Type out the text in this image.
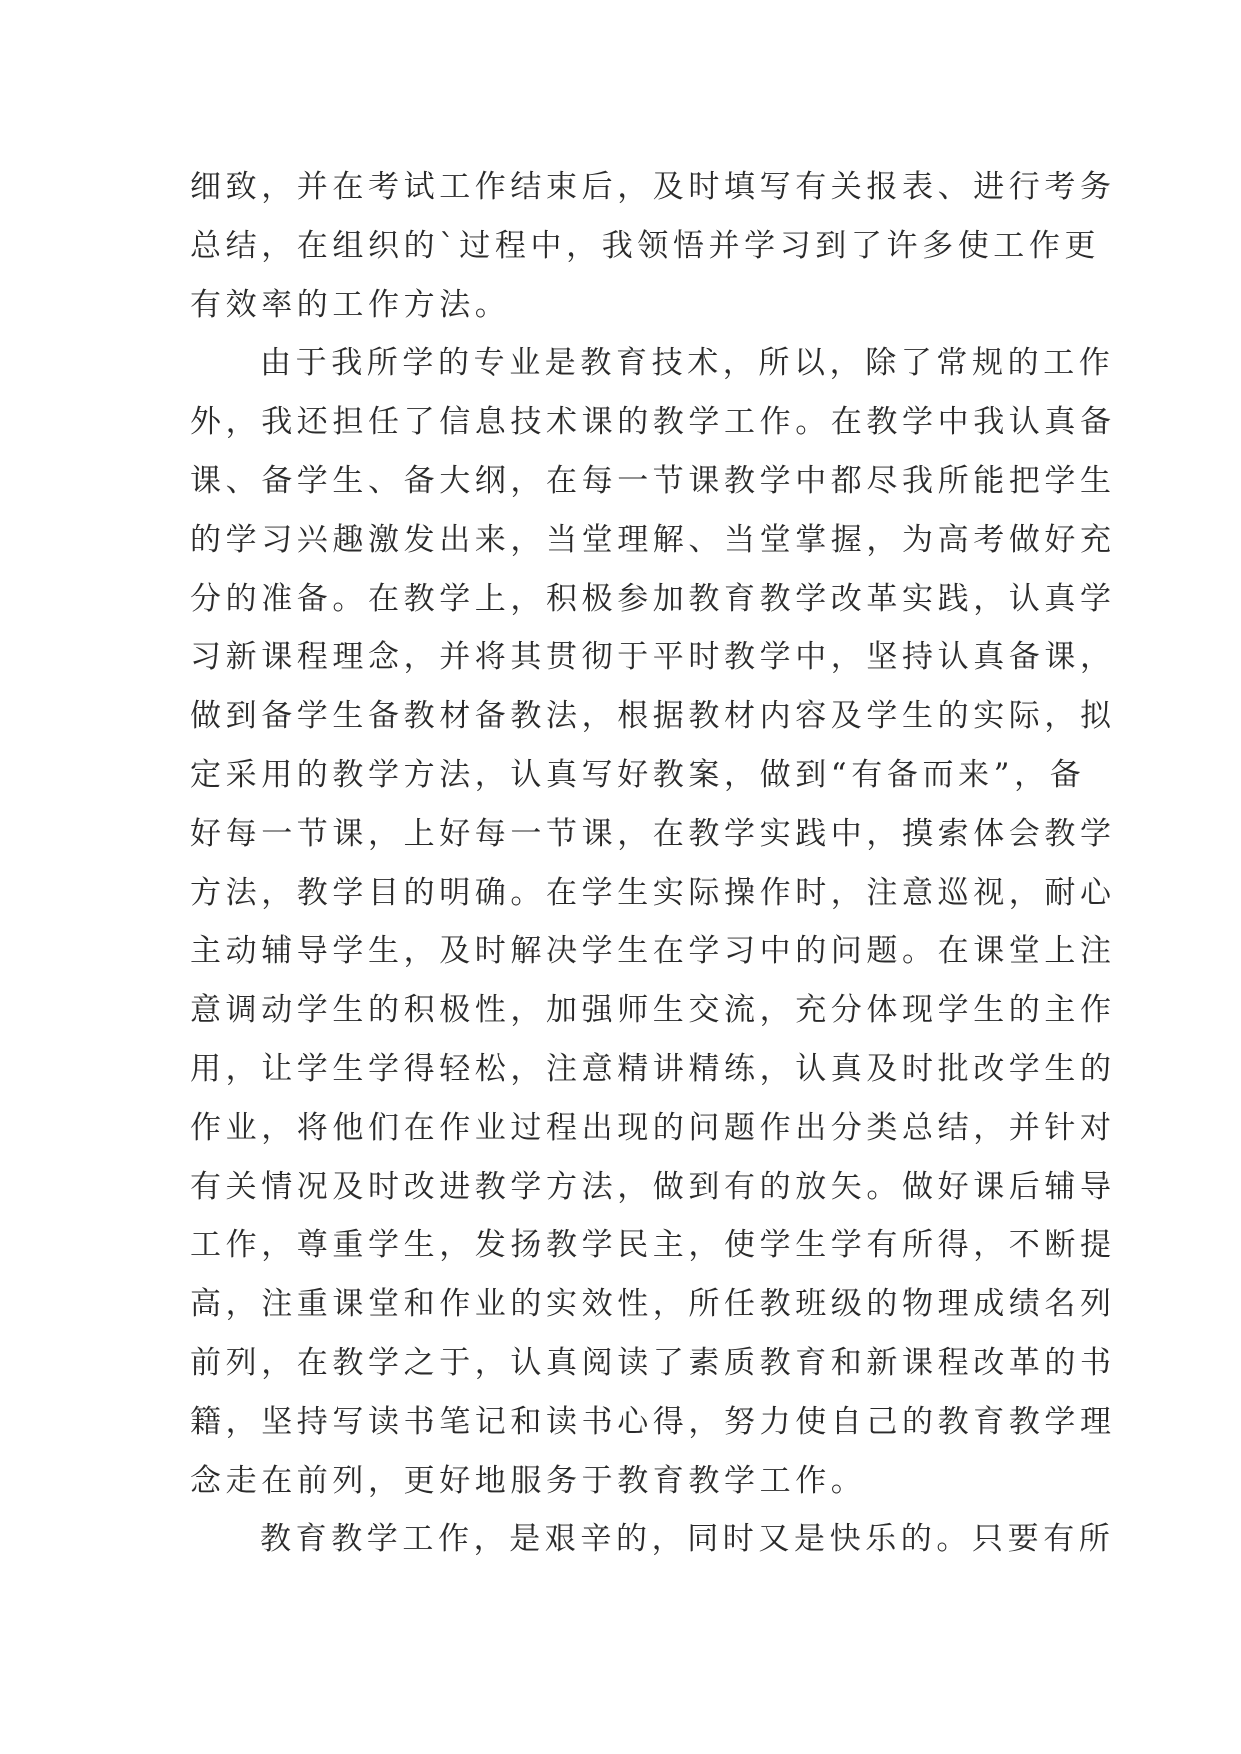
细致，并在考试工作结束后，及时填写有关报表、进行考务
总结，在组织的`过程中，我领悟并学习到了许多使工作更
有效率的工作方法。
由于我所学的专业是教育技术，所以，除了常规的工作
外，我还担任了信息技术课的教学工作。在教学中我认真备
课、备学生、备大纲，在每一节课教学中都尽我所能把学生
的学习兴趣激发出来，当堂理解、当堂掌握，为高考做好充
分的准备。在教学上，积极参加教育教学改革实践，认真学
习新课程理念，并将其贯彻于平时教学中，坚持认真备课，
做到备学生备教材备教法，根据教材内容及学生的实际，拟
定采用的教学方法，认真写好教案，做到“有备而来”，备
好每一节课，上好每一节课，在教学实践中，摸索体会教学
方法，教学目的明确。在学生实际操作时，注意巡视，耐心
主动辅导学生，及时解决学生在学习中的问题。在课堂上注
意调动学生的积极性，加强师生交流，充分体现学生的主作
用，让学生学得轻松，注意精讲精练，认真及时批改学生的
作业，将他们在作业过程出现的问题作出分类总结，并针对
有关情况及时改进教学方法，做到有的放矢。做好课后辅导
工作，尊重学生，发扬教学民主，使学生学有所得，不断提
高，注重课堂和作业的实效性，所任教班级的物理成绩名列
前列，在教学之于，认真阅读了素质教育和新课程改革的书
籍，坚持写读书笔记和读书心得，努力使自己的教育教学理
念走在前列，更好地服务于教育教学工作。
教育教学工作，是艰辛的，同时又是快乐的。只要有所
